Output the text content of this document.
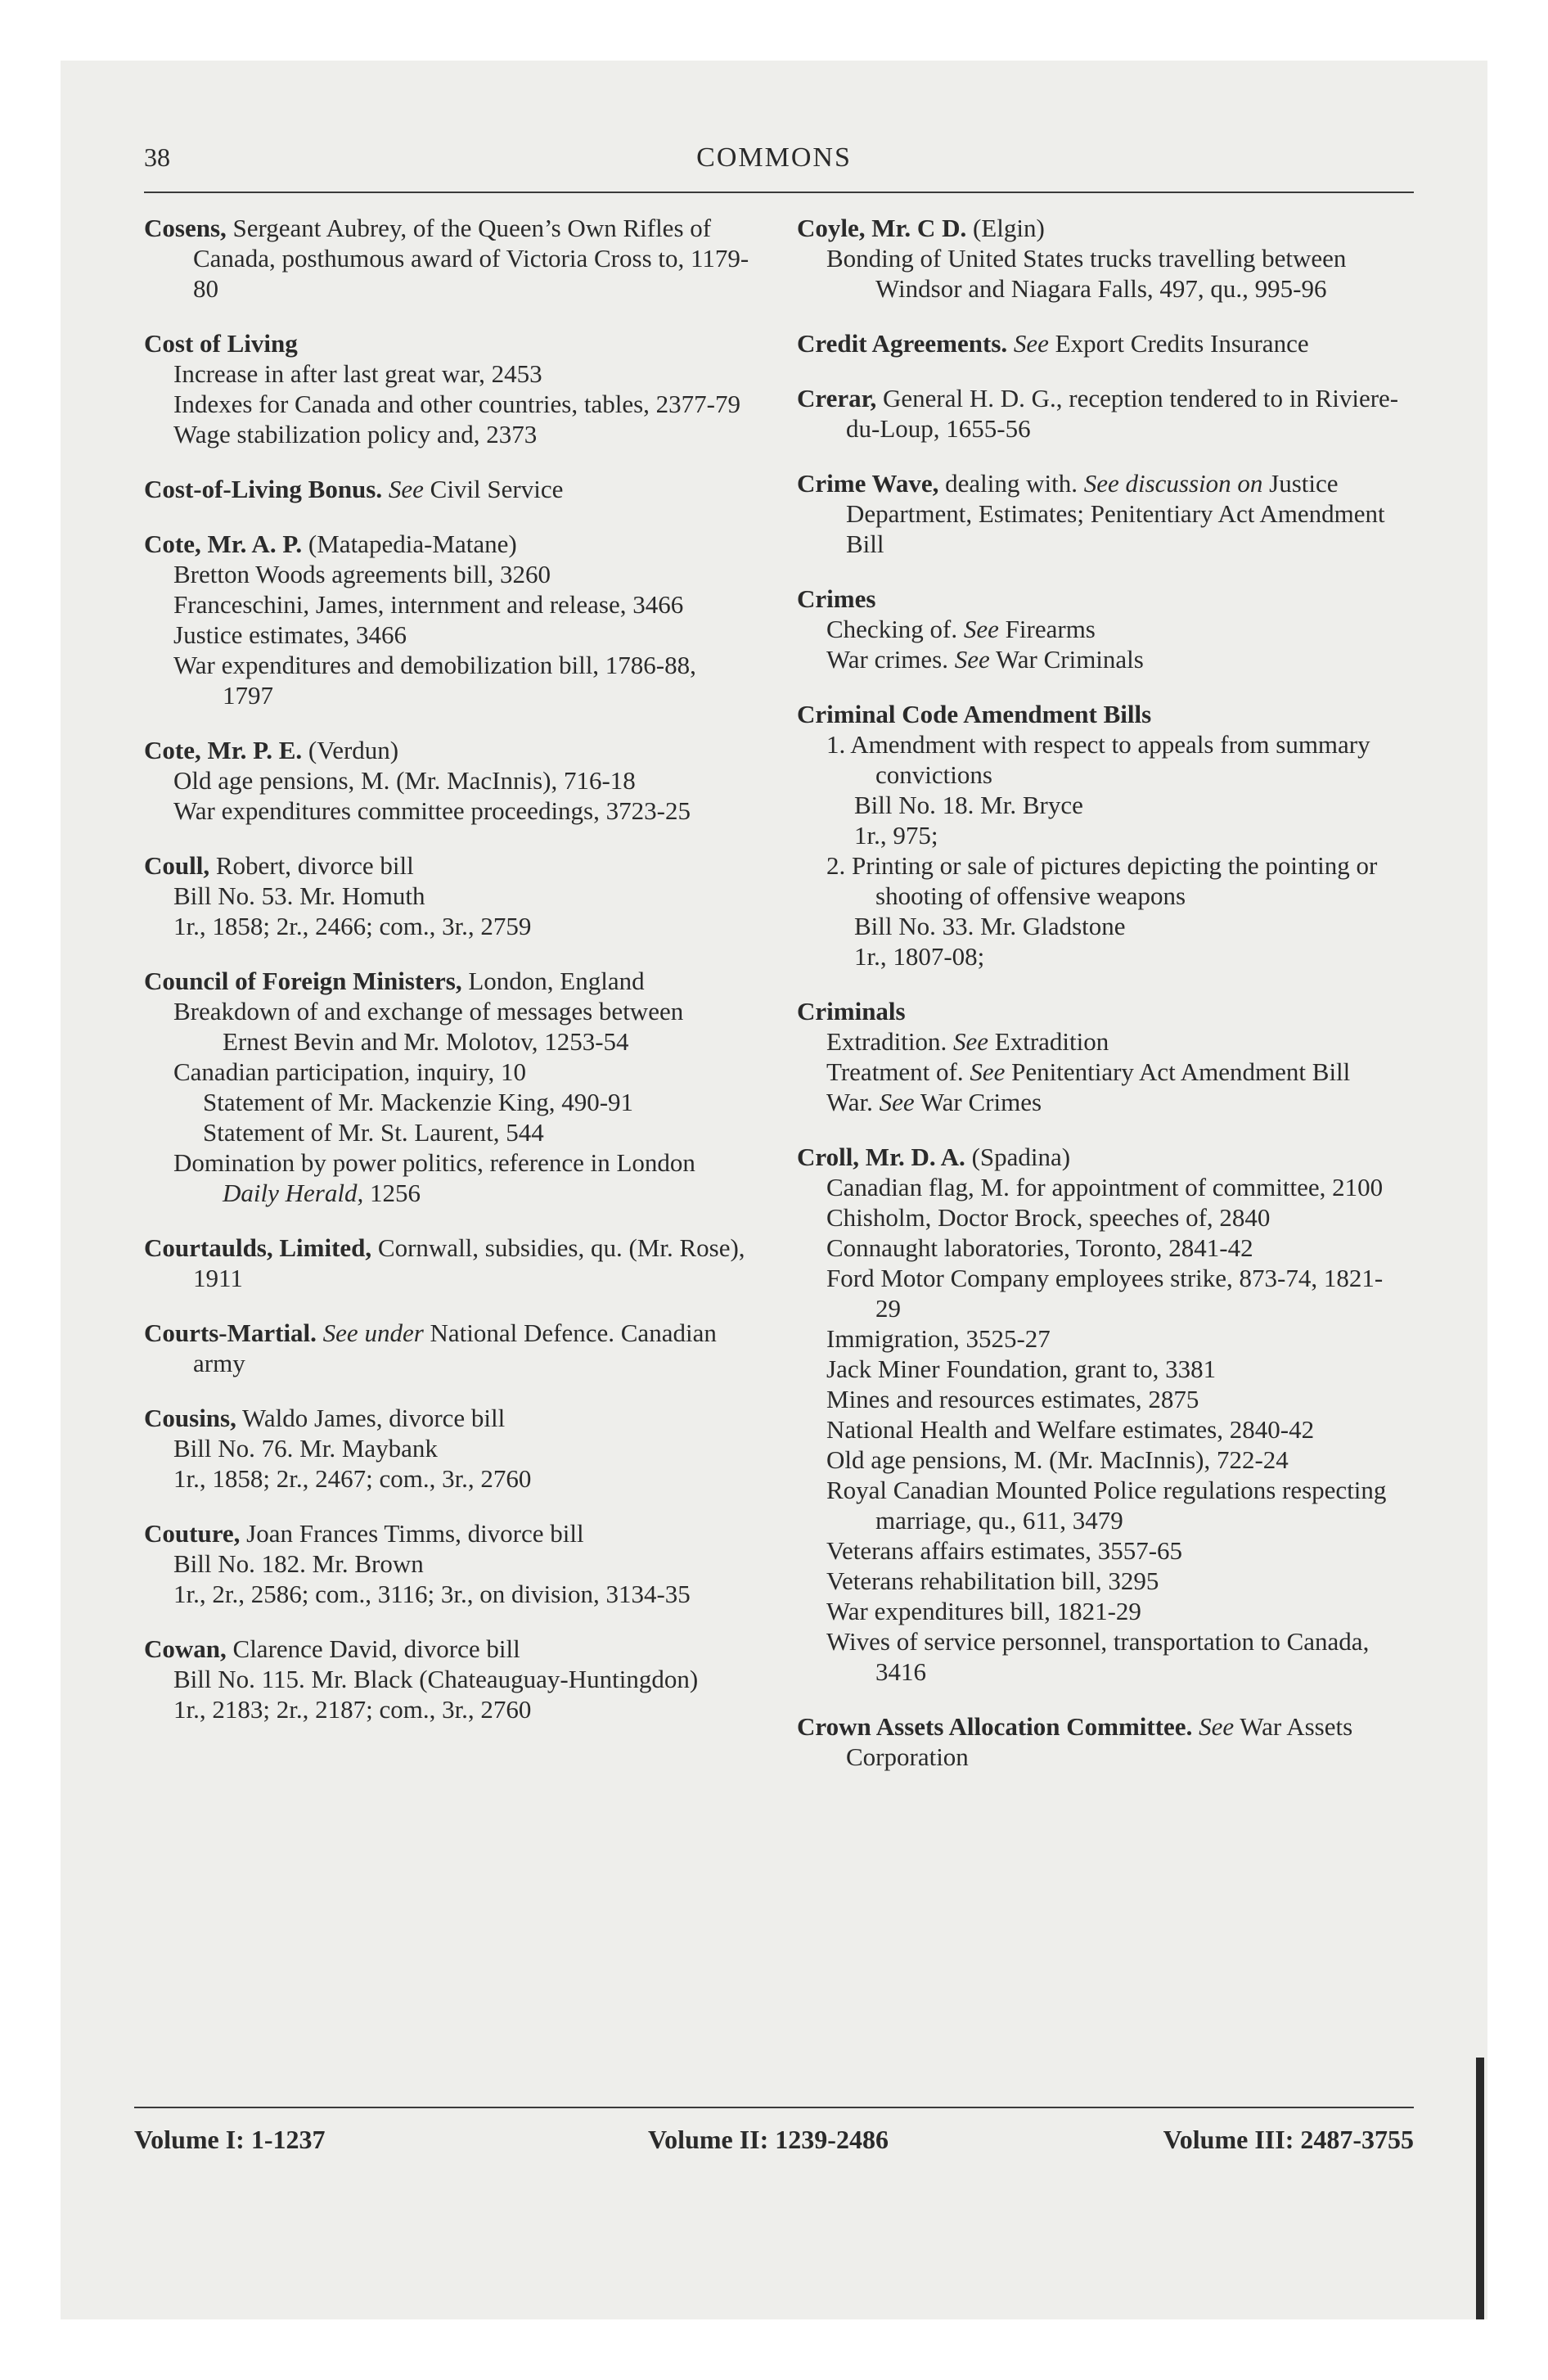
38	COMMONS
Cosens, Sergeant Aubrey, of the Queen’s Own Rifles of Canada, posthumous award of Victoria Cross to, 1179-80
Cost of Living
Increase in after last great war, 2453
Indexes for Canada and other countries, tables, 2377-79
Wage stabilization policy and, 2373
Cost-of-Living Bonus. See Civil Service
Cote, Mr. A. P. (Matapedia-Matane)
Bretton Woods agreements bill, 3260
Franceschini, James, internment and release, 3466
Justice estimates, 3466
War expenditures and demobilization bill, 1786-88, 1797
Cote, Mr. P. E. (Verdun)
Old age pensions, M. (Mr. MacInnis), 716-18
War expenditures committee proceedings, 3723-25
Coull, Robert, divorce bill
Bill No. 53. Mr. Homuth
1r., 1858; 2r., 2466; com., 3r., 2759
Council of Foreign Ministers, London, England
Breakdown of and exchange of messages between Ernest Bevin and Mr. Molotov, 1253-54
Canadian participation, inquiry, 10
Statement of Mr. Mackenzie King, 490-91
Statement of Mr. St. Laurent, 544
Domination by power politics, reference in London Daily Herald, 1256
Courtaulds, Limited, Cornwall, subsidies, qu. (Mr. Rose), 1911
Courts-Martial. See under National Defence. Canadian army
Cousins, Waldo James, divorce bill
Bill No. 76. Mr. Maybank
1r., 1858; 2r., 2467; com., 3r., 2760
Couture, Joan Frances Timms, divorce bill
Bill No. 182. Mr. Brown
1r., 2r., 2586; com., 3116; 3r., on division, 3134-35
Cowan, Clarence David, divorce bill
Bill No. 115. Mr. Black (Chateauguay-Huntingdon)
1r., 2183; 2r., 2187; com., 3r., 2760
Coyle, Mr. C D. (Elgin)
Bonding of United States trucks travelling between Windsor and Niagara Falls, 497, qu., 995-96
Credit Agreements. See Export Credits Insurance
Crerar, General H. D. G., reception tendered to in Riviere-du-Loup, 1655-56
Crime Wave, dealing with. See discussion on Justice Department, Estimates; Penitentiary Act Amendment Bill
Crimes
Checking of. See Firearms
War crimes. See War Criminals
Criminal Code Amendment Bills
1. Amendment with respect to appeals from summary convictions
Bill No. 18. Mr. Bryce
1r., 975;
2. Printing or sale of pictures depicting the pointing or shooting of offensive weapons
Bill No. 33. Mr. Gladstone
1r., 1807-08;
Criminals
Extradition. See Extradition
Treatment of. See Penitentiary Act Amendment Bill
War. See War Crimes
Croll, Mr. D. A. (Spadina)
Canadian flag, M. for appointment of committee, 2100
Chisholm, Doctor Brock, speeches of, 2840
Connaught laboratories, Toronto, 2841-42
Ford Motor Company employees strike, 873-74, 1821-29
Immigration, 3525-27
Jack Miner Foundation, grant to, 3381
Mines and resources estimates, 2875
National Health and Welfare estimates, 2840-42
Old age pensions, M. (Mr. MacInnis), 722-24
Royal Canadian Mounted Police regulations respecting marriage, qu., 611, 3479
Veterans affairs estimates, 3557-65
Veterans rehabilitation bill, 3295
War expenditures bill, 1821-29
Wives of service personnel, transportation to Canada, 3416
Crown Assets Allocation Committee. See War Assets Corporation
Volume I: 1-1237	Volume II: 1239-2486	Volume III: 2487-3755
